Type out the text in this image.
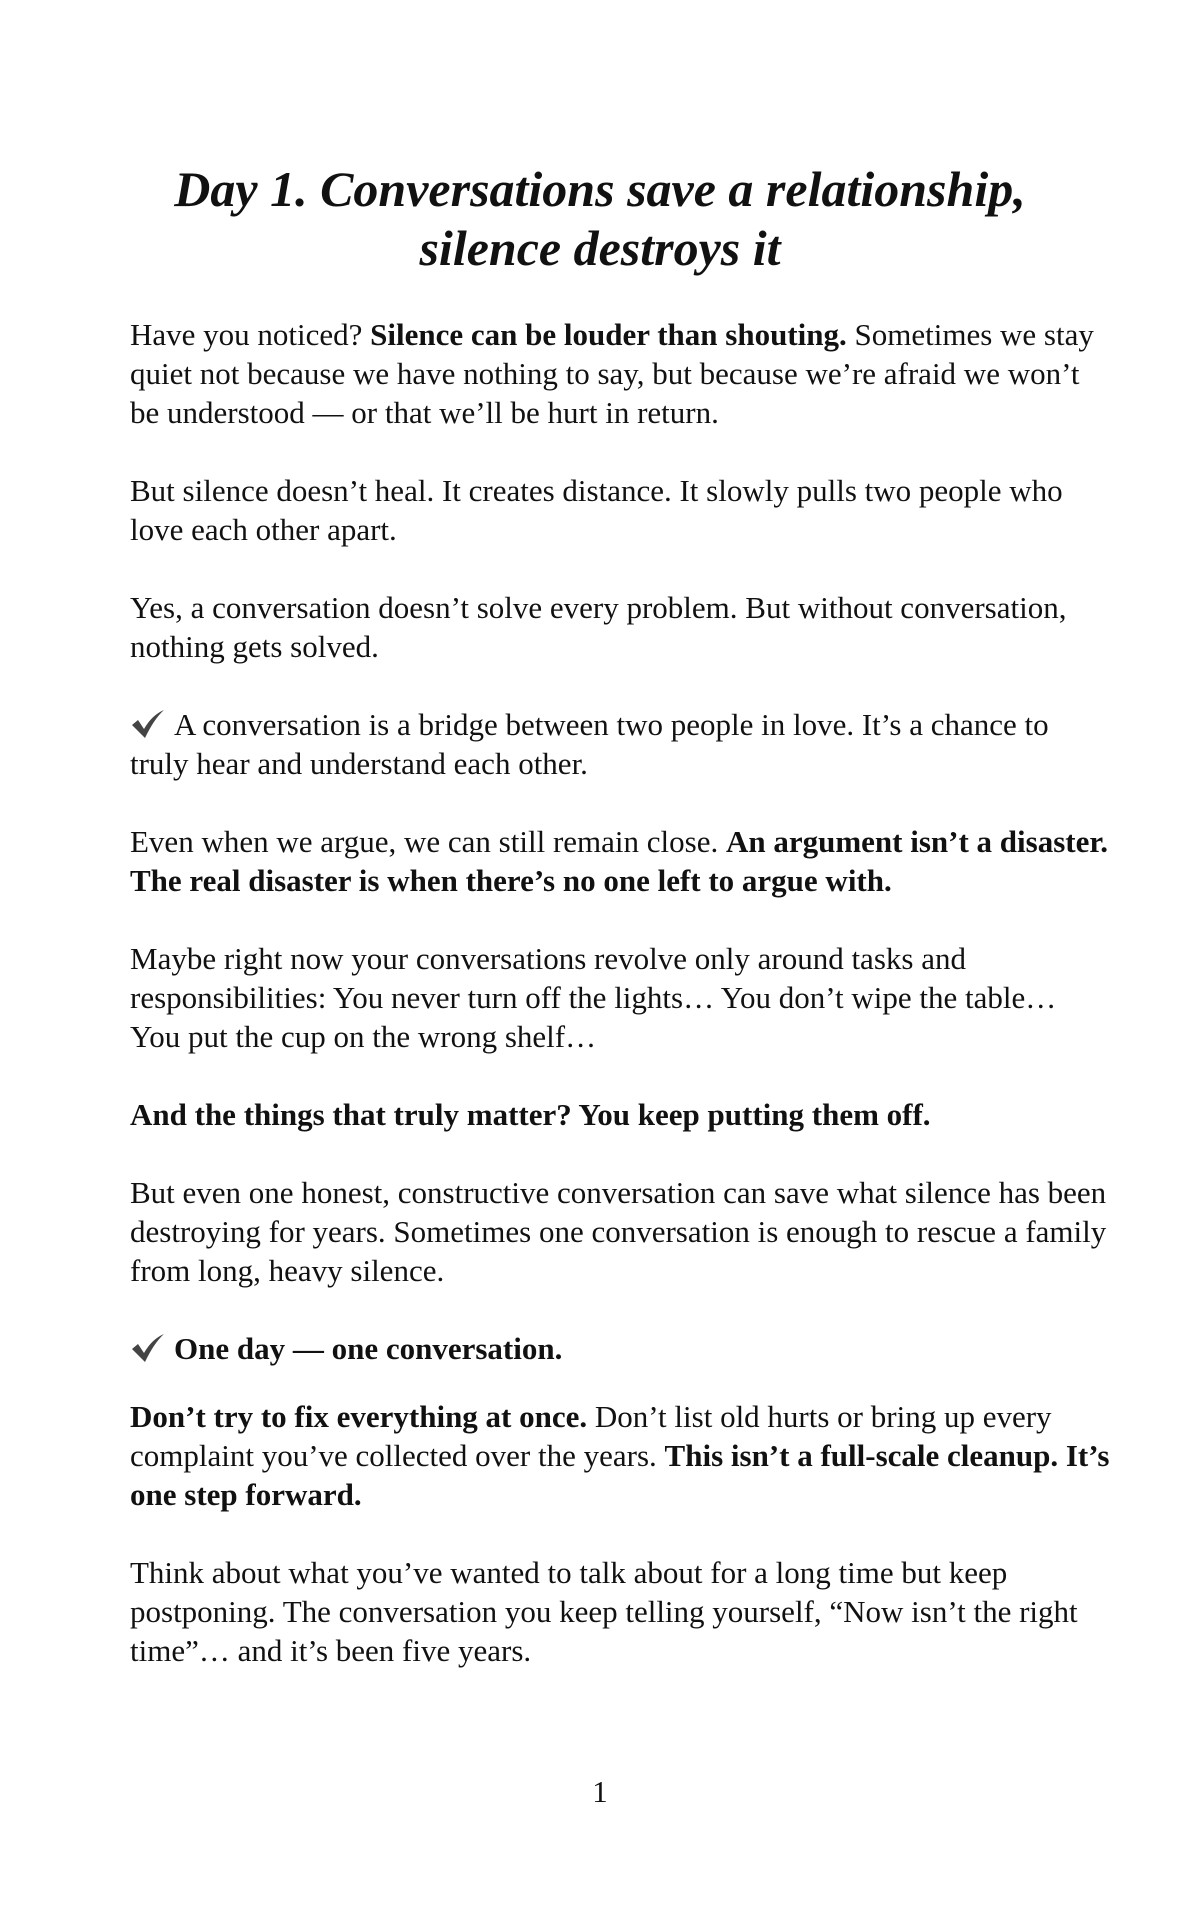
Day 1. Conversations save a relationship,
silence destroys it

Have you noticed? Silence can be louder than shouting. Sometimes we stay quiet not because we have nothing to say, but because we’re afraid we won’t be understood — or that we’ll be hurt in return.

But silence doesn’t heal. It creates distance. It slowly pulls two people who love each other apart.

Yes, a conversation doesn’t solve every problem. But without conversation, nothing gets solved.

A conversation is a bridge between two people in love. It’s a chance to truly hear and understand each other.

Even when we argue, we can still remain close. An argument isn’t a disaster. The real disaster is when there’s no one left to argue with.

Maybe right now your conversations revolve only around tasks and responsibilities: You never turn off the lights… You don’t wipe the table… You put the cup on the wrong shelf…

And the things that truly matter? You keep putting them off.

But even one honest, constructive conversation can save what silence has been destroying for years. Sometimes one conversation is enough to rescue a family from long, heavy silence.

One day — one conversation.

Don’t try to fix everything at once. Don’t list old hurts or bring up every complaint you’ve collected over the years. This isn’t a full-scale cleanup. It’s one step forward.

Think about what you’ve wanted to talk about for a long time but keep postponing. The conversation you keep telling yourself, “Now isn’t the right time”… and it’s been five years.

1
